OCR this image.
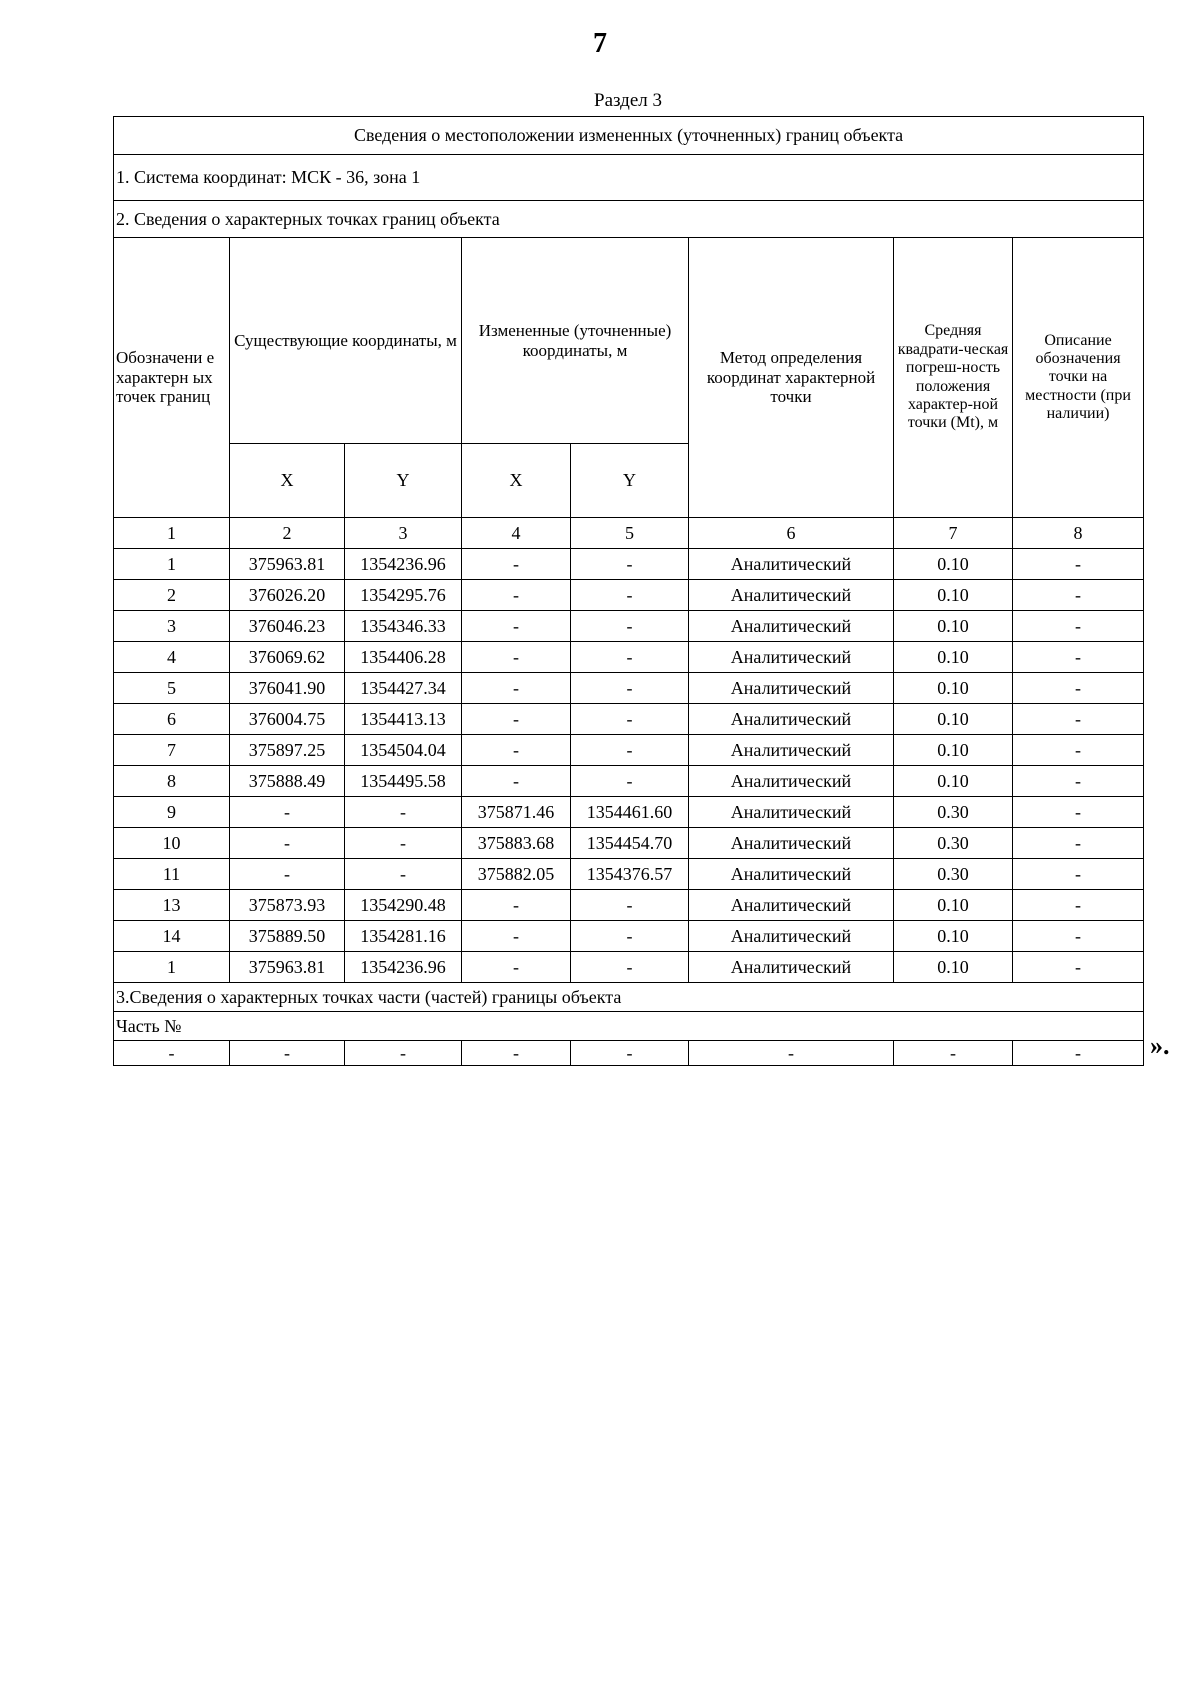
7
Раздел 3
Сведения о местоположении измененных (уточненных) границ объекта							
1. Система координат: МСК - 36, зона 1							
2. Сведения о характерных точках границ объекта							
Обозначени е характерн ых точек границ	Существующие координаты, м		Измененные (уточненные) координаты, м		Метод определения координат характерной точки	Средняя квадрати-ческая погреш-ность положения характер-ной точки (Mt), м	Описание обозначения точки на местности (при наличии)
	X	Y	X	Y			
1	2	3	4	5	6	7	8
1	375963.81	1354236.96	-	-	Аналитический	0.10	-
2	376026.20	1354295.76	-	-	Аналитический	0.10	-
3	376046.23	1354346.33	-	-	Аналитический	0.10	-
4	376069.62	1354406.28	-	-	Аналитический	0.10	-
5	376041.90	1354427.34	-	-	Аналитический	0.10	-
6	376004.75	1354413.13	-	-	Аналитический	0.10	-
7	375897.25	1354504.04	-	-	Аналитический	0.10	-
8	375888.49	1354495.58	-	-	Аналитический	0.10	-
9	-	-	375871.46	1354461.60	Аналитический	0.30	-
10	-	-	375883.68	1354454.70	Аналитический	0.30	-
11	-	-	375882.05	1354376.57	Аналитический	0.30	-
13	375873.93	1354290.48	-	-	Аналитический	0.10	-
14	375889.50	1354281.16	-	-	Аналитический	0.10	-
1	375963.81	1354236.96	-	-	Аналитический	0.10	-
3.Сведения о характерных точках части (частей) границы объекта							
Часть №							
-	-	-	-	-	-	-	-	».
